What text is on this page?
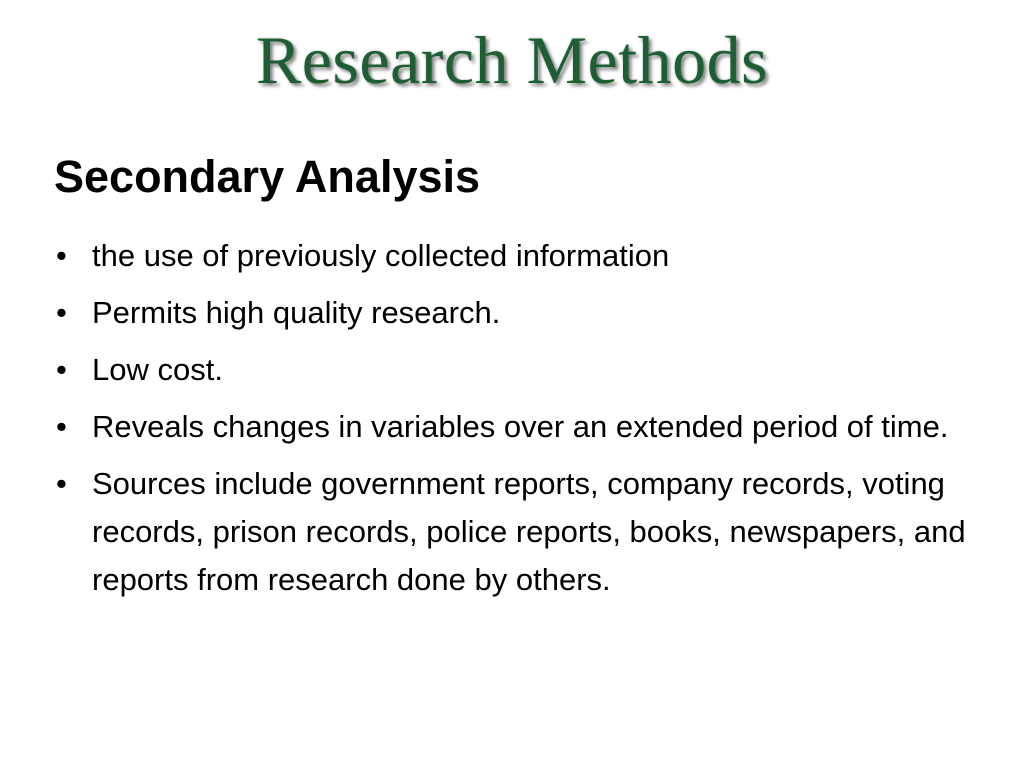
Research Methods
Secondary Analysis
• the use of previously collected information
• Permits high quality research.
• Low cost.
• Reveals changes in variables over an extended period of time.
• Sources include government reports, company records, voting records, prison records, police reports, books, newspapers, and reports from research done by others.
